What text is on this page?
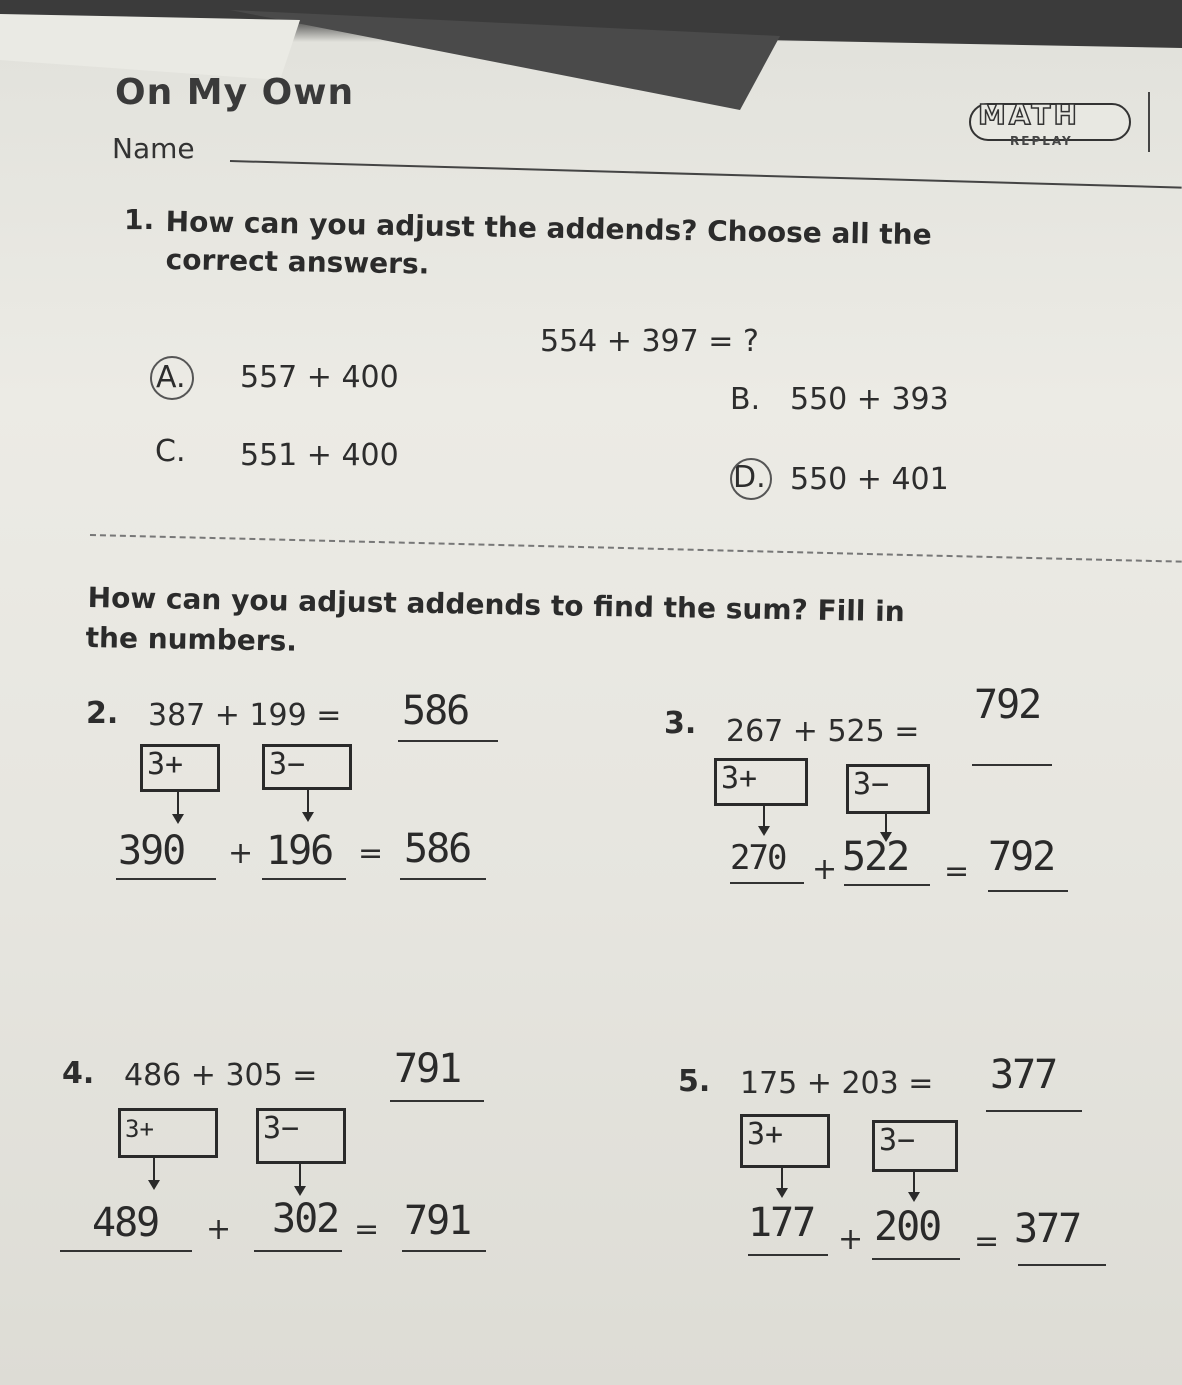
On My Own
Name
MATH
REPLAY
1. How can you adjust the addends? Choose all the
correct answers.
554 + 397 = ?
A. 557 + 400
B. 550 + 393
C. 551 + 400
D. 550 + 401
How can you adjust addends to find the sum? Fill in
the numbers.
2. 387 + 199 = 586
3+	3−
390 + 196 = 586
3. 267 + 525 =
792
3+	3−
270 + 522 = 792
4. 486 + 305 = 791
3+	3−
489 + 302 = 791
5. 175 + 203 = 377
3+	3−
177 + 200 = 377
